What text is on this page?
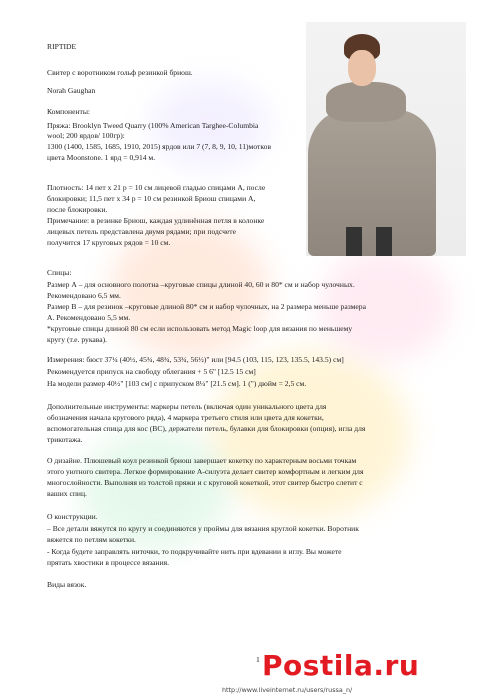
RIPTIDE
Свитер с воротником гольф резинкой бриош.
Norah Gaughan
Компоненты:
Пряжа: Brooklyn Tweed Quarry (100% American Targhee-Columbia
wool; 200 ярдов/ 100гр):
1300 (1400, 1585, 1685, 1910, 2015) ярдов или 7 (7, 8, 9, 10, 11)мотков
цвета Moonstone. 1 ярд = 0,914 м.
Плотность: 14 пет x 21 р = 10 см лицевой гладью спицами А, после
блокировки; 11,5 пет x 34 р = 10 см резинкой Бриош спицами А,
после блокировки.
Примечание: в резинке Бриош, каждая удлинённая петля в колонке
лицевых петель представлена двумя рядами; при подсчете
получится 17 круговых рядов = 10 см.
Спицы:
Размер А – для основного полотна –круговые спицы длиной 40, 60 и 80* см и набор чулочных.
Рекомендовано 6,5 мм.
Размер В – для резинок –круговые длиной 80* см и набор чулочных, на 2 размера меньше размера
А. Рекомендовано 5,5 мм.
*круговые спицы длиной 80 см если использовать метод Magic loop для вязания по меньшему
кругу (т.е. рукава).
Измерения: бюст 37¼ (40½, 45¾, 48¾, 53¾, 56½)" или [94.5 (103, 115, 123, 135.5, 143.5) см]
Рекомендуется припуск на свободу облегания + 5 6" [12.5 15 см]
На модели размер 40½" [103 см] с припуском 8¼" [21.5 см]. 1 (") дюйм = 2,5 см.
Дополнительные инструменты: маркеры петель (включая один уникального цвета для
обозначения начала кругового ряда), 4 маркера третьего стиля или цвета для кокетки,
вспомогательная спица для кос (ВС), держатели петель, булавки для блокировки (опция), игла для
трикотажа.
О дизайне. Плюшевый коул резинкой бриош завершает кокетку по характерным восьми точкам
этого уютного свитера. Легкое формирование А-силуэта делает свитер комфортным и легким для
многослойности. Выполняя из толстой пряжи и с круговой кокеткой, этот свитер быстро слетит с
ваших спиц.
О конструкции.
– Все детали вяжутся по кругу и соединяются у проймы для вязания круглой кокетки. Воротник
вяжется по петлям кокетки.
- Когда будете заправлять ниточки, то подкручивайте нить при вдевании в иглу. Вы можете
прятать хвостики в процессе вязания.
Виды вязок.
1 Postila.ru
http://www.liveinternet.ru/users/russa_n/
